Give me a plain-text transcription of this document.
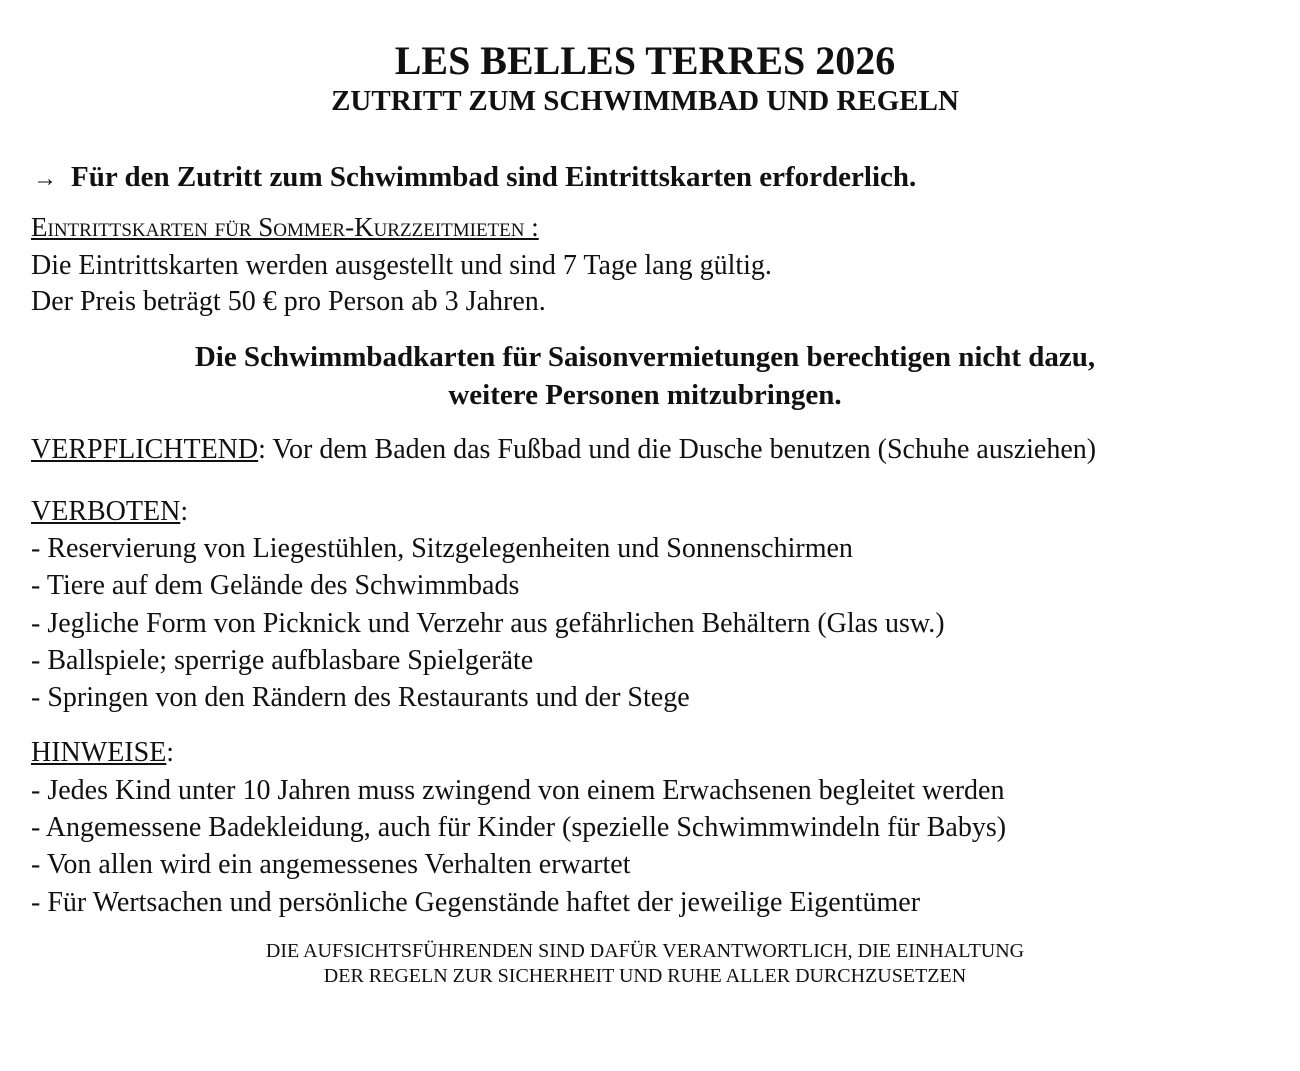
LES BELLES TERRES 2026
ZUTRITT ZUM SCHWIMMBAD UND REGELN

→ Für den Zutritt zum Schwimmbad sind Eintrittskarten erforderlich.

Eintrittskarten für Sommer-Kurzzeitmieten :

Die Eintrittskarten werden ausgestellt und sind 7 Tage lang gültig.

Der Preis beträgt 50 € pro Person ab 3 Jahren.

Die Schwimmbadkarten für Saisonvermietungen berechtigen nicht dazu,

weitere Personen mitzubringen.

VERPFLICHTEND: Vor dem Baden das Fußbad und die Dusche benutzen (Schuhe ausziehen)

VERBOTEN:

- Reservierung von Liegestühlen, Sitzgelegenheiten und Sonnenschirmen

- Tiere auf dem Gelände des Schwimmbads

- Jegliche Form von Picknick und Verzehr aus gefährlichen Behältern (Glas usw.)

- Ballspiele; sperrige aufblasbare Spielgeräte

- Springen von den Rändern des Restaurants und der Stege

HINWEISE:

- Jedes Kind unter 10 Jahren muss zwingend von einem Erwachsenen begleitet werden

- Angemessene Badekleidung, auch für Kinder (spezielle Schwimmwindeln für Babys)

- Von allen wird ein angemessenes Verhalten erwartet

- Für Wertsachen und persönliche Gegenstände haftet der jeweilige Eigentümer

DIE AUFSICHTSFÜHRENDEN SIND DAFÜR VERANTWORTLICH, DIE EINHALTUNG

DER REGELN ZUR SICHERHEIT UND RUHE ALLER DURCHZUSETZEN
